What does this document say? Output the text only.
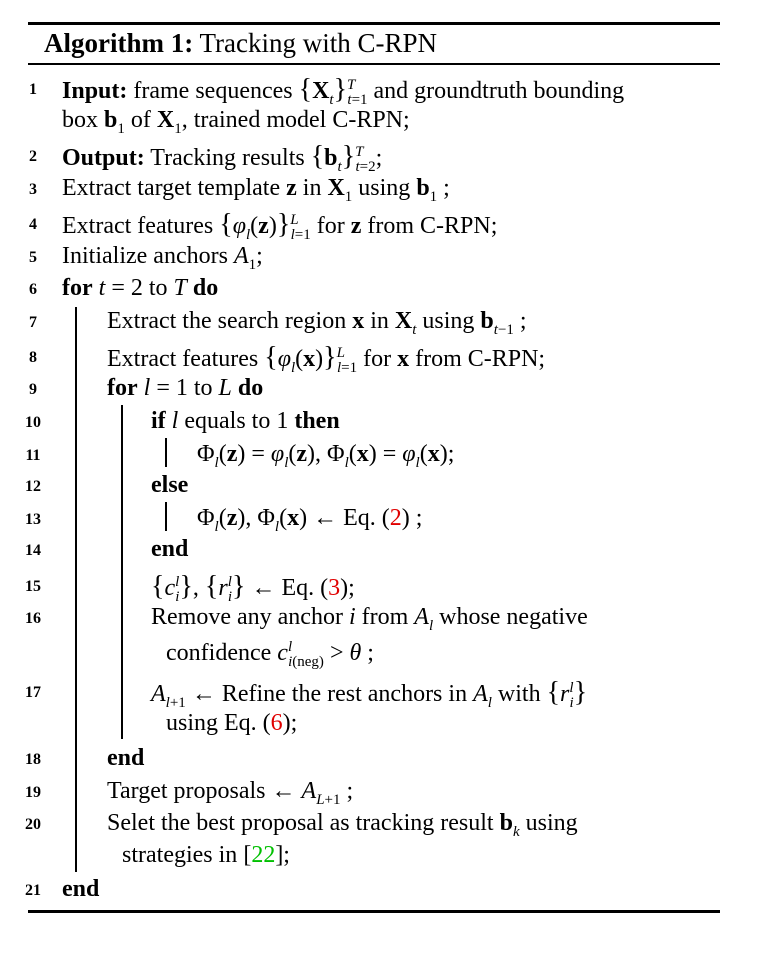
Algorithm 1: Tracking with C-RPN
1	Input: frame sequences $\{X_t\}^T_{t=1}$ and groundtruth bounding
box $b_1$ of $X_1$, trained model C-RPN;
2	Output: Tracking results $\{b_t\}^T_{t=2}$;
3	Extract target template z in $X_1$ using $b_1$ ;
4	Extract features $\{\varphi_l(z)\}^L_{l=1}$ for z from C-RPN;
5	Initialize anchors $A_1$;
6	for t = 2 to T do
7	Extract the search region x in $X_t$ using $b_{t-1}$ ;
8	Extract features $\{\varphi_l(x)\}^L_{l=1}$ for x from C-RPN;
9	for l = 1 to L do
10	if l equals to 1 then
11	$\Phi_l(z) = \varphi_l(z)$, $\Phi_l(x) = \varphi_l(x)$;
12	else
13	$\Phi_l(z)$, $\Phi_l(x)$ ← Eq. (2) ;
14	end
15	$\{c^l_i\}$, $\{r^l_i\}$ ← Eq. (3);
16	Remove any anchor i from $A_l$ whose negative
confidence $c^l_{i(neg)} > \theta$ ;
17	$A_{l+1}$ ← Refine the rest anchors in $A_l$ with $\{r^l_i\}$
using Eq. (6);
18	end
19	Target proposals ← $A_{L+1}$ ;
20	Selet the best proposal as tracking result $b_k$ using
strategies in [22];
21 end
